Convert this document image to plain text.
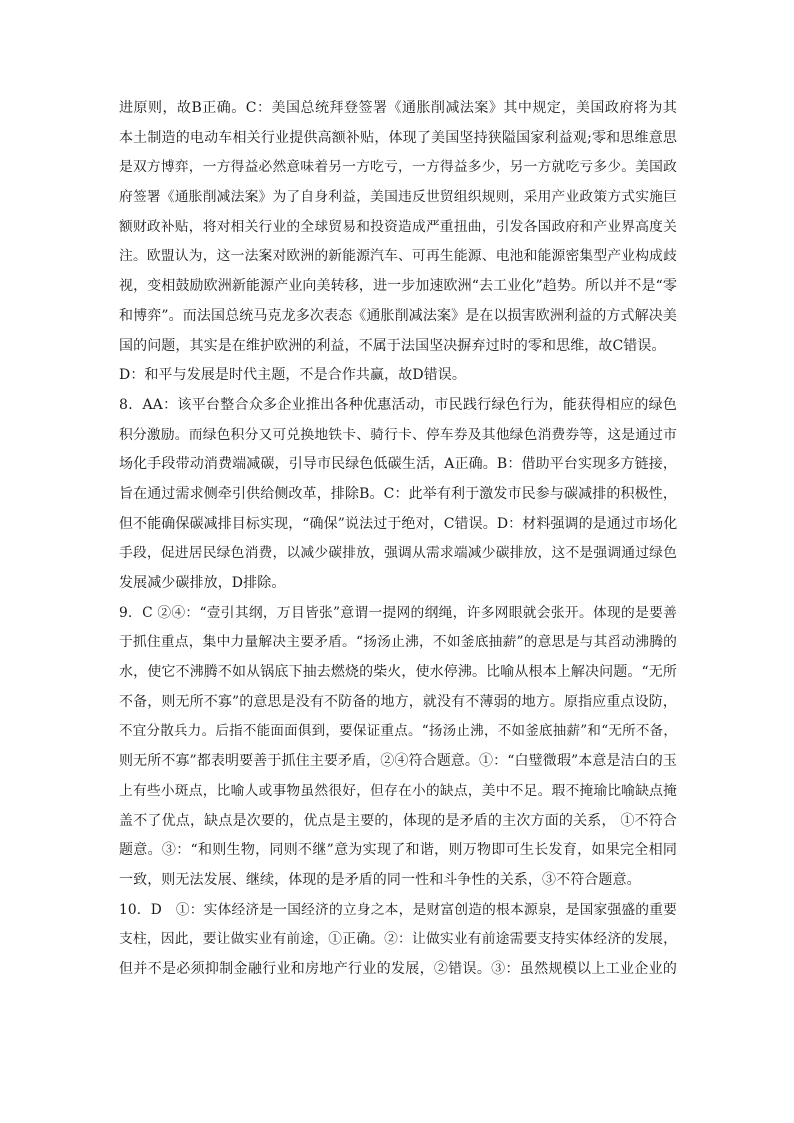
进原则，故B正确。C：美国总统拜登签署《通胀削减法案》其中规定，美国政府将为其
本土制造的电动车相关行业提供高额补贴，体现了美国坚持狭隘国家利益观;零和思维意思
是双方博弈，一方得益必然意味着另一方吃亏，一方得益多少，另一方就吃亏多少。美国政
府签署《通胀削减法案》为了自身利益，美国违反世贸组织规则，采用产业政策方式实施巨
额财政补贴，将对相关行业的全球贸易和投资造成严重扭曲，引发各国政府和产业界高度关
注。欧盟认为，这一法案对欧洲的新能源汽车、可再生能源、电池和能源密集型产业构成歧
视，变相鼓励欧洲新能源产业向美转移，进一步加速欧洲“去工业化”趋势。所以并不是“零
和博弈”。而法国总统马克龙多次表态《通胀削减法案》是在以损害欧洲利益的方式解决美
国的问题，其实是在维护欧洲的利益，不属于法国坚决摒弃过时的零和思维，故C错误。
D：和平与发展是时代主题，不是合作共赢，故D错误。
8．AA：该平台整合众多企业推出各种优惠活动，市民践行绿色行为，能获得相应的绿色
积分激励。而绿色积分又可兑换地铁卡、骑行卡、停车券及其他绿色消费券等，这是通过市
场化手段带动消费端减碳，引导市民绿色低碳生活，A正确。B：借助平台实现多方链接，
旨在通过需求侧牵引供给侧改革，排除B。C：此举有利于激发市民参与碳减排的积极性，
但不能确保碳减排目标实现，“确保”说法过于绝对，C错误。D：材料强调的是通过市场化
手段，促进居民绿色消费，以减少碳排放，强调从需求端减少碳排放，这不是强调通过绿色
发展减少碳排放，D排除。
9．C ②④：“壹引其纲，万目皆张”意谓一提网的纲绳，许多网眼就会张开。体现的是要善
于抓住重点，集中力量解决主要矛盾。“扬汤止沸，不如釜底抽薪”的意思是与其舀动沸腾的
水，使它不沸腾不如从锅底下抽去燃烧的柴火，使水停沸。比喻从根本上解决问题。“无所
不备，则无所不寡”的意思是没有不防备的地方，就没有不薄弱的地方。原指应重点设防，
不宜分散兵力。后指不能面面俱到，要保证重点。“扬汤止沸，不如釜底抽薪”和“无所不备，
则无所不寡”都表明要善于抓住主要矛盾，②④符合题意。①：“白璧微瑕”本意是洁白的玉
上有些小斑点，比喻人或事物虽然很好，但存在小的缺点，美中不足。瑕不掩瑜比喻缺点掩
盖不了优点，缺点是次要的，优点是主要的，体现的是矛盾的主次方面的关系， ①不符合
题意。③：“和则生物，同则不继”意为实现了和谐，则万物即可生长发育，如果完全相同
一致，则无法发展、继续，体现的是矛盾的同一性和斗争性的关系，③不符合题意。
10．D　①：实体经济是一国经济的立身之本，是财富创造的根本源泉，是国家强盛的重要
支柱，因此，要让做实业有前途，①正确。②：让做实业有前途需要支持实体经济的发展，
但并不是必须抑制金融行业和房地产行业的发展，②错误。③：虽然规模以上工业企业的
